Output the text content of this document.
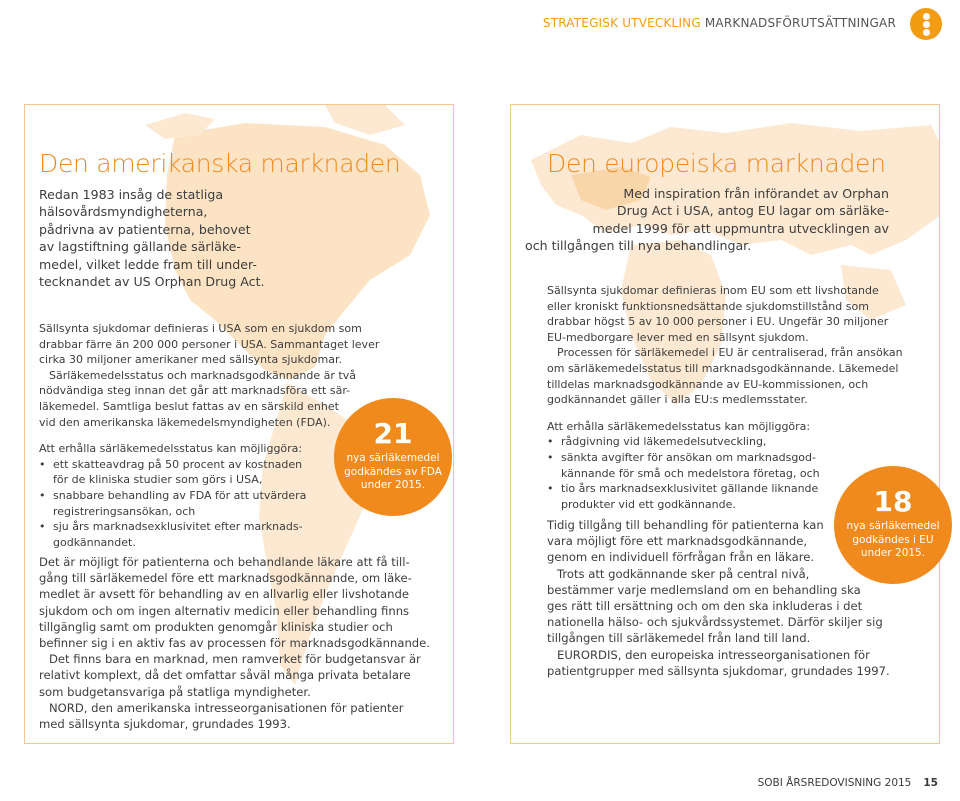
STRATEGISK UTVECKLING MARKNADSFÖRUTSÄTTNINGAR
Den amerikanska marknaden

Redan 1983 insåg de statliga

hälsovårdsmyndigheterna,

pådrivna av patienterna, behovet

av lagstiftning gällande särläke-

medel, vilket ledde fram till under-

tecknandet av US Orphan Drug Act.

Sällsynta sjukdomar definieras i USA som en sjukdom som

drabbar färre än 200 000 personer i USA. Sammantaget lever

cirka 30 miljoner amerikaner med sällsynta sjukdomar.

Särläkemedelsstatus och marknadsgodkännande är två

nödvändiga steg innan det går att marknadsföra ett sär-

läkemedel. Samtliga beslut fattas av en särskild enhet

vid den amerikanska läkemedelsmyndigheten (FDA).

Att erhålla särläkemedelsstatus kan möjliggöra:

• ett skatteavdrag på 50 procent av kostnaden
för de kliniska studier som görs i USA,
• snabbare behandling av FDA för att utvärdera
registreringsansökan, och
• sju års marknadsexklusivitet efter marknads-
godkännandet.

Det är möjligt för patienterna och behandlande läkare att få till-

gång till särläkemedel före ett marknadsgodkännande, om läke-

medlet är avsett för behandling av en allvarlig eller livshotande

sjukdom och om ingen alternativ medicin eller behandling finns

tillgänglig samt om produkten genomgår kliniska studier och

befinner sig i en aktiv fas av processen för marknadsgodkännande.

Det finns bara en marknad, men ramverket för budgetansvar är

relativt komplext, då det omfattar såväl många privata betalare

som budgetansvariga på statliga myndigheter.

NORD, den amerikanska intresseorganisationen för patienter

med sällsynta sjukdomar, grundades 1993.

21
nya särläkemedel
godkändes av FDA
under 2015.
Den europeiska marknaden

Med inspiration från införandet av Orphan

Drug Act i USA, antog EU lagar om särläke-

medel 1999 för att uppmuntra utvecklingen av

och tillgången till nya behandlingar.

Sällsynta sjukdomar definieras inom EU som ett livshotande

eller kroniskt funktionsnedsättande sjukdomstillstånd som

drabbar högst 5 av 10 000 personer i EU. Ungefär 30 miljoner

EU-medborgare lever med en sällsynt sjukdom.

Processen för särläkemedel i EU är centraliserad, från ansökan

om särläkemedelsstatus till marknadsgodkännande. Läkemedel

tilldelas marknadsgodkännande av EU-kommissionen, och

godkännandet gäller i alla EU:s medlemsstater.

Att erhålla särläkemedelsstatus kan möjliggöra:

• rådgivning vid läkemedelsutveckling,
• sänkta avgifter för ansökan om marknadsgod-
kännande för små och medelstora företag, och
• tio års marknadsexklusivitet gällande liknande
produkter vid ett godkännande.

Tidig tillgång till behandling för patienterna kan

vara möjligt före ett marknadsgodkännande,

genom en individuell förfrågan från en läkare.

Trots att godkännande sker på central nivå,

bestämmer varje medlemsland om en behandling ska

ges rätt till ersättning och om den ska inkluderas i det

nationella hälso- och sjukvårdssystemet. Därför skiljer sig

tillgången till särläkemedel från land till land.

EURORDIS, den europeiska intresseorganisationen för

patientgrupper med sällsynta sjukdomar, grundades 1997.

18
nya särläkemedel
godkändes i EU
under 2015.
SOBI ÅRSREDOVISNING 2015 15
